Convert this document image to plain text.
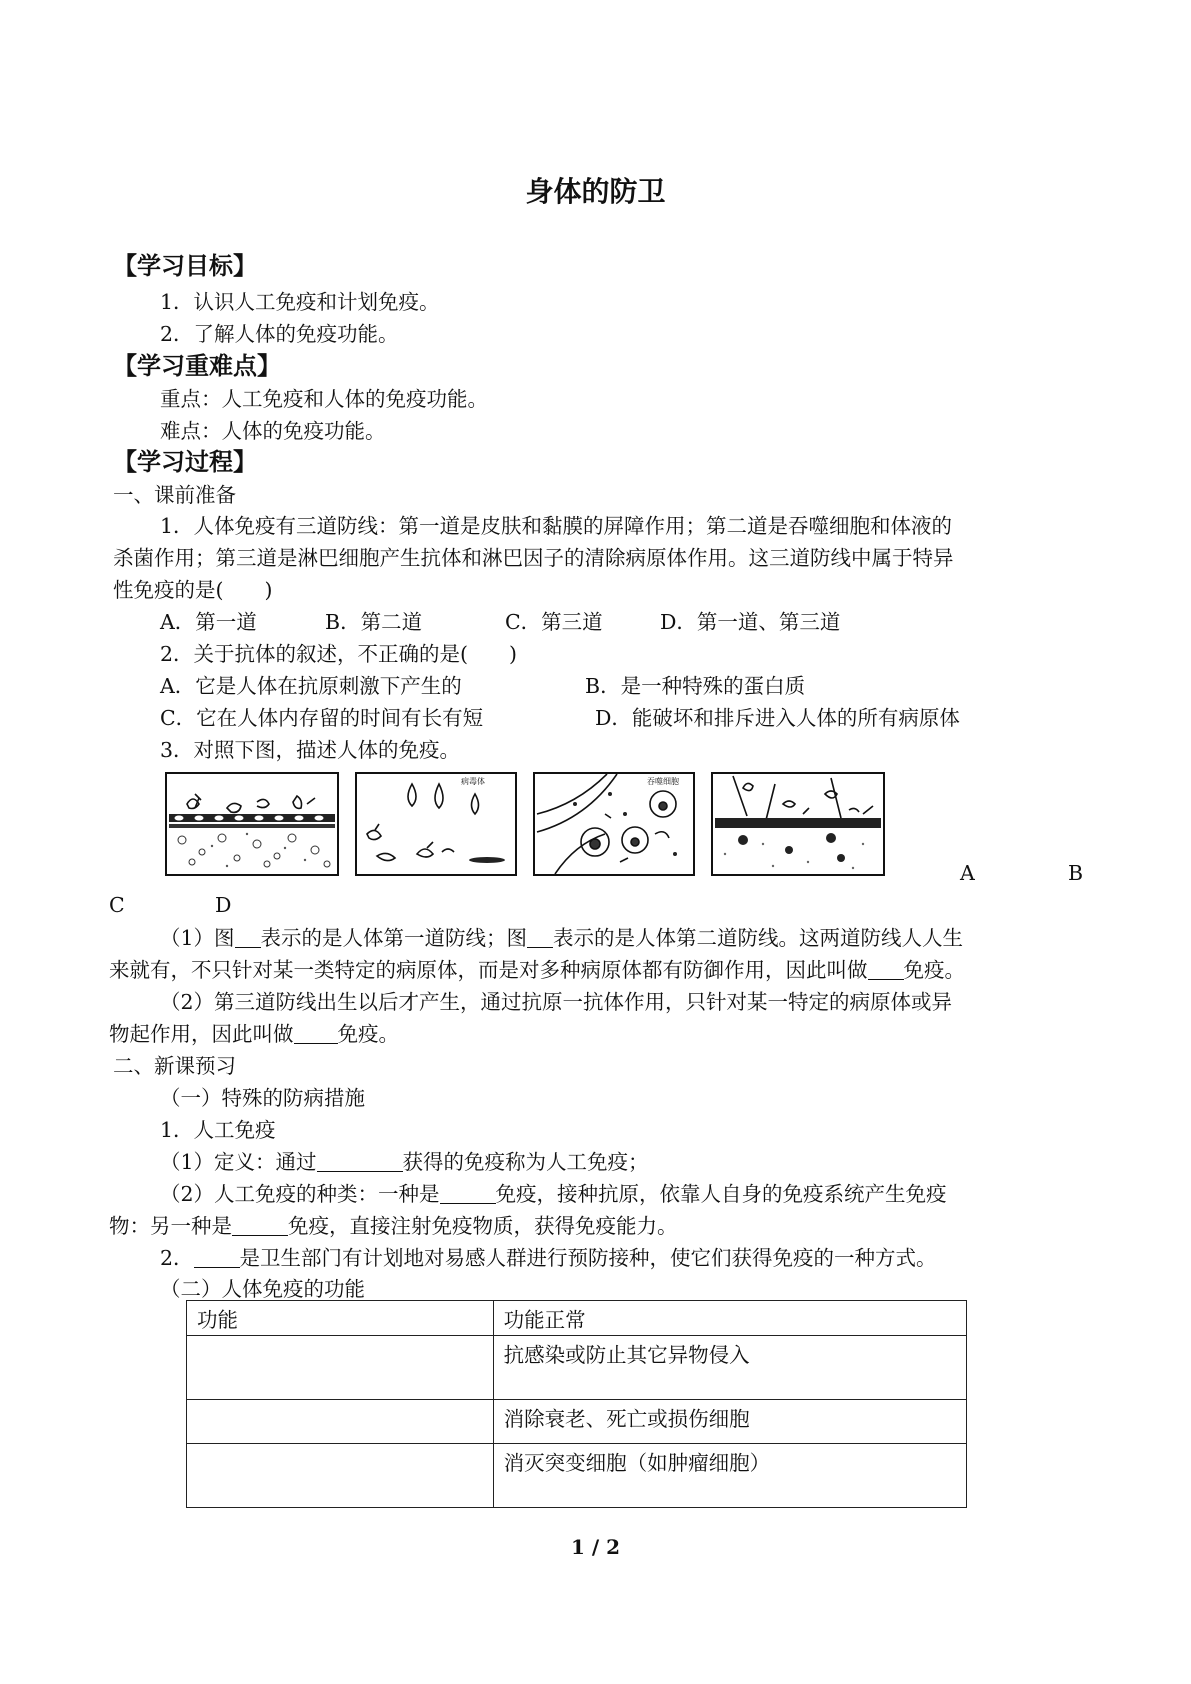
身体的防卫
【学习目标】
1．认识人工免疫和计划免疫。
2．了解人体的免疫功能。
【学习重难点】
重点：人工免疫和人体的免疫功能。
难点：人体的免疫功能。
【学习过程】
一、课前准备
1．人体免疫有三道防线：第一道是皮肤和黏膜的屏障作用；第二道是吞噬细胞和体液的
杀菌作用；第三道是淋巴细胞产生抗体和淋巴因子的清除病原体作用。这三道防线中属于特异
性免疫的是(　　)
A．第一道	B．第二道	C．第三道	D．第一道、第三道
2．关于抗体的叙述，不正确的是(　　)
A．它是人体在抗原刺激下产生的	B．是一种特殊的蛋白质
C．它在人体内存留的时间有长有短	D．能破坏和排斥进入人体的所有病原体
3．对照下图，描述人体的免疫。
病毒体	吞噬细胞
A	B
C	D
（1）图 表示的是人体第一道防线；图 表示的是人体第二道防线。这两道防线人人生
来就有，不只针对某一类特定的病原体，而是对多种病原体都有防御作用，因此叫做 免疫。
（2）第三道防线出生以后才产生，通过抗原一抗体作用，只针对某一特定的病原体或异
物起作用，因此叫做 免疫。
二、新课预习
（一）特殊的防病措施
1．人工免疫
（1）定义：通过	获得的免疫称为人工免疫；
（2）人工免疫的种类：一种是	免疫，接种抗原，依靠人自身的免疫系统产生免疫
物：另一种是	免疫，直接注射免疫物质，获得免疫能力。
2． 是卫生部门有计划地对易感人群进行预防接种，使它们获得免疫的一种方式。
（二）人体免疫的功能
功能	功能正常
	抗感染或防止其它异物侵入
	消除衰老、死亡或损伤细胞
	消灭突变细胞（如肿瘤细胞）
1 / 2
